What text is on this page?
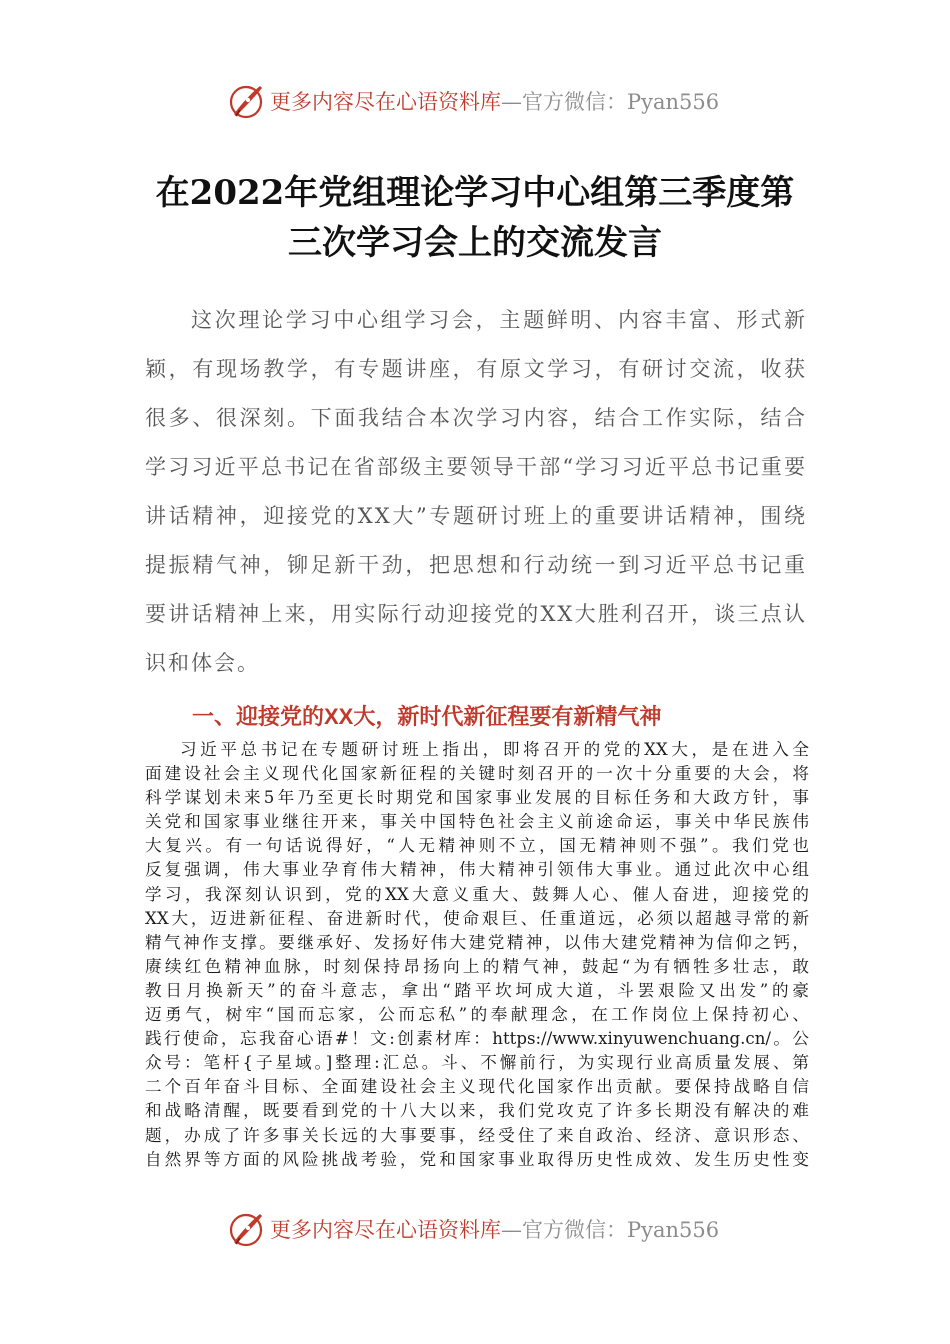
更多内容尽在心语资料库—官方微信：Pyan556
在2022年党组理论学习中心组第三季度第
三次学习会上的交流发言

这次理论学习中心组学习会，主题鲜明、内容丰富、形式新颖，有现场教学，有专题讲座，有原文学习，有研讨交流，收获很多、很深刻。下面我结合本次学习内容，结合工作实际，结合学习习近平总书记在省部级主要领导干部“学习习近平总书记重要讲话精神，迎接党的XX大”专题研讨班上的重要讲话精神，围绕提振精气神，铆足新干劲，把思想和行动统一到习近平总书记重要讲话精神上来，用实际行动迎接党的XX大胜利召开，谈三点认识和体会。

一、迎接党的XX大，新时代新征程要有新精气神
习近平总书记在专题研讨班上指出，即将召开的党的XX大，是在进入全
面建设社会主义现代化国家新征程的关键时刻召开的一次十分重要的大会，将
科学谋划未来5年乃至更长时期党和国家事业发展的目标任务和大政方针，事
关党和国家事业继往开来，事关中国特色社会主义前途命运，事关中华民族伟
大复兴。有一句话说得好，“人无精神则不立，国无精神则不强”。我们党也
反复强调，伟大事业孕育伟大精神，伟大精神引领伟大事业。通过此次中心组
学习，我深刻认识到，党的XX大意义重大、鼓舞人心、催人奋进，迎接党的
XX大，迈进新征程、奋进新时代，使命艰巨、任重道远，必须以超越寻常的新
精气神作支撑。要继承好、发扬好伟大建党精神，以伟大建党精神为信仰之钙，
赓续红色精神血脉，时刻保持昂扬向上的精气神，鼓起“为有牺牲多壮志，敢
教日月换新天”的奋斗意志，拿出“踏平坎坷成大道，斗罢艰险又出发”的豪
迈勇气，树牢“国而忘家，公而忘私”的奉献理念，在工作岗位上保持初心、
践行使命，忘我奋心语#！文:创素材库：https://www.xinyuwenchuang.cn/。公
众号：笔杆{子星域。]整理:汇总。斗、不懈前行，为实现行业高质量发展、第
二个百年奋斗目标、全面建设社会主义现代化国家作出贡献。要保持战略自信
和战略清醒，既要看到党的十八大以来，我们党攻克了许多长期没有解决的难
题，办成了许多事关长远的大事要事，经受住了来自政治、经济、意识形态、
自然界等方面的风险挑战考验，党和国家事业取得历史性成效、发生历史性变
更多内容尽在心语资料库—官方微信：Pyan556
